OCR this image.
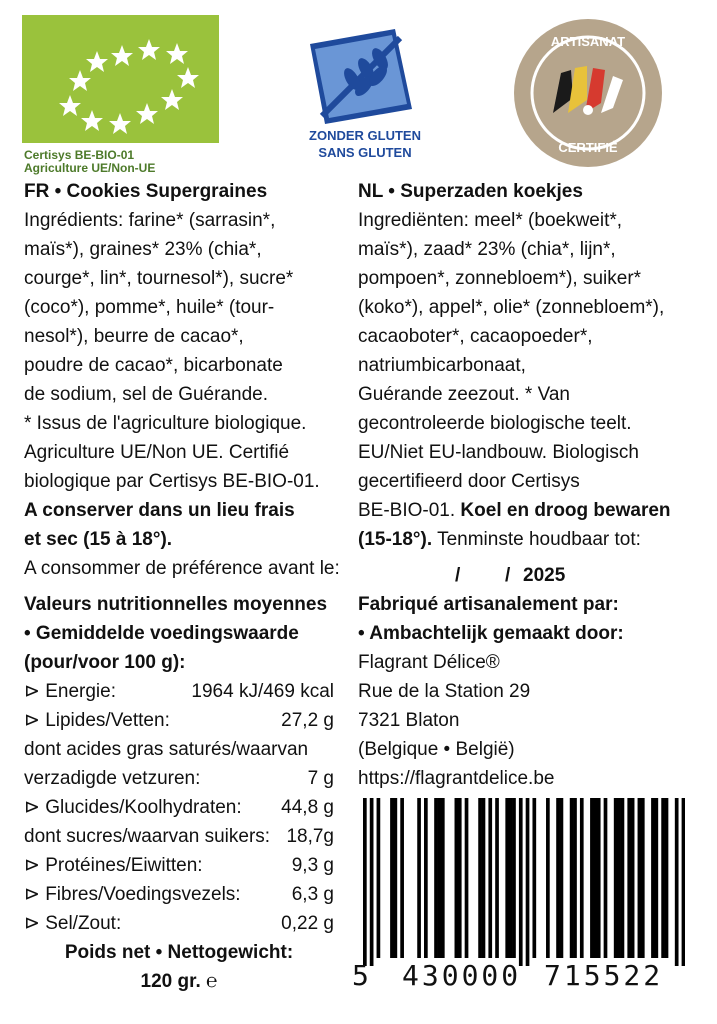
Certisys BE-BIO-01
Agriculture UE/Non-UE
ZONDER GLUTEN
SANS GLUTEN
ARTISANAT
CERTIFIÉ
FR • Cookies Supergraines
Ingrédients: farine* (sarrasin*,
maïs*), graines* 23% (chia*,
courge*, lin*, tournesol*), sucre*
(coco*), pomme*, huile* (tour-
nesol*), beurre de cacao*,
poudre de cacao*, bicarbonate
de sodium, sel de Guérande.
* Issus de l'agriculture biologique.
Agriculture UE/Non UE. Certifié
biologique par Certisys BE-BIO-01.
A conserver dans un lieu frais
et sec (15 à 18°).
A consommer de préférence avant le:
NL • Superzaden koekjes
Ingrediënten: meel* (boekweit*,
maïs*), zaad* 23% (chia*, lijn*,
pompoen*, zonnebloem*), suiker*
(koko*), appel*, olie* (zonnebloem*),
cacaoboter*, cacaopoeder*,
natriumbicarbonaat,
Guérande zeezout. * Van
gecontroleerde biologische teelt.
EU/Niet EU-landbouw. Biologisch
gecertifieerd door Certisys
BE-BIO-01. Koel en droog bewaren
(15-18°). Tenminste houdbaar tot:
/ / 2025
Valeurs nutritionnelles moyennes
• Gemiddelde voedingswaarde
(pour/voor 100 g):
⊳ Energie:	1964 kJ/469 kcal
⊳ Lipides/Vetten:	27,2 g
dont acides gras saturés/waarvan
verzadigde vetzuren:	7 g
⊳ Glucides/Koolhydraten: 44,8 g
dont sucres/waarvan suikers: 18,7g
⊳ Protéines/Eiwitten:	9,3 g
⊳ Fibres/Voedingsvezels:	6,3 g
⊳ Sel/Zout:	0,22 g
Poids net • Nettogewicht:
120 gr. ℮
Fabriqué artisanalement par:
• Ambachtelijk gemaakt door:
Flagrant Délice®
Rue de la Station 29
7321 Blaton
(Belgique • België)
https://flagrantdelice.be
5 430000 715522
